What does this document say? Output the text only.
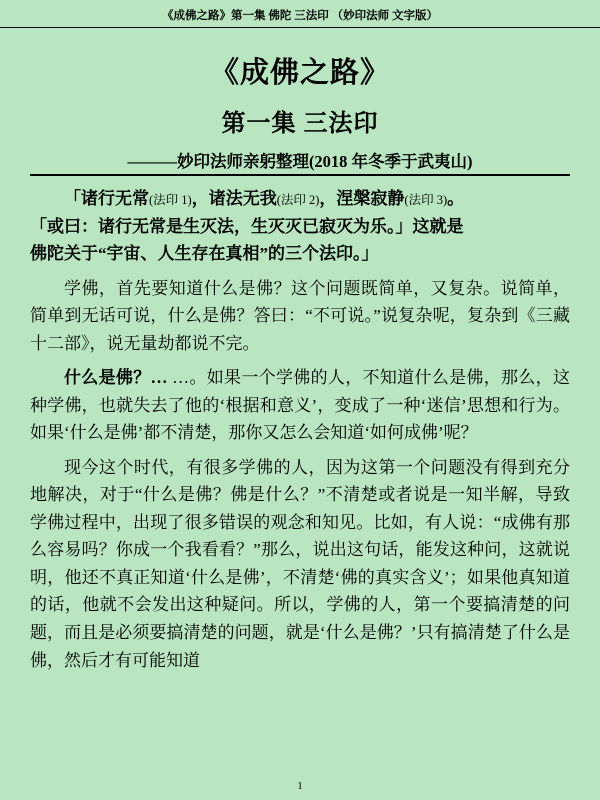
《成佛之路》第一集 佛陀 三法印 （妙印法师 文字版）
《成佛之路》
第一集 三法印
———妙印法师亲躬整理(2018 年冬季于武夷山)

「诸行无常(法印 1)，诸法无我(法印 2)，涅槃寂静(法印 3)。

「或曰：诸行无常是生灭法，生灭灭已寂灭为乐。」这就是

佛陀关于“宇宙、人生存在真相”的三个法印。」

学佛，首先要知道什么是佛？这个问题既简单，又复杂。说简单，简单到无话可说，什么是佛？答曰：“不可说。”说复杂呢，复杂到《三藏十二部》，说无量劫都说不完。

什么是佛？… …。如果一个学佛的人，不知道什么是佛，那么，这种学佛，也就失去了他的‘根据和意义’，变成了一种‘迷信’思想和行为。如果‘什么是佛’都不清楚，那你又怎么会知道‘如何成佛’呢？

现今这个时代，有很多学佛的人，因为这第一个问题没有得到充分地解决，对于“什么是佛？佛是什么？”不清楚或者说是一知半解，导致学佛过程中，出现了很多错误的观念和知见。比如，有人说：“成佛有那么容易吗？你成一个我看看？”那么，说出这句话，能发这种问，这就说明，他还不真正知道‘什么是佛’，不清楚‘佛的真实含义’；如果他真知道的话，他就不会发出这种疑问。所以，学佛的人，第一个要搞清楚的问题，而且是必须要搞清楚的问题，就是‘什么是佛？’只有搞清楚了什么是佛，然后才有可能知道

1
